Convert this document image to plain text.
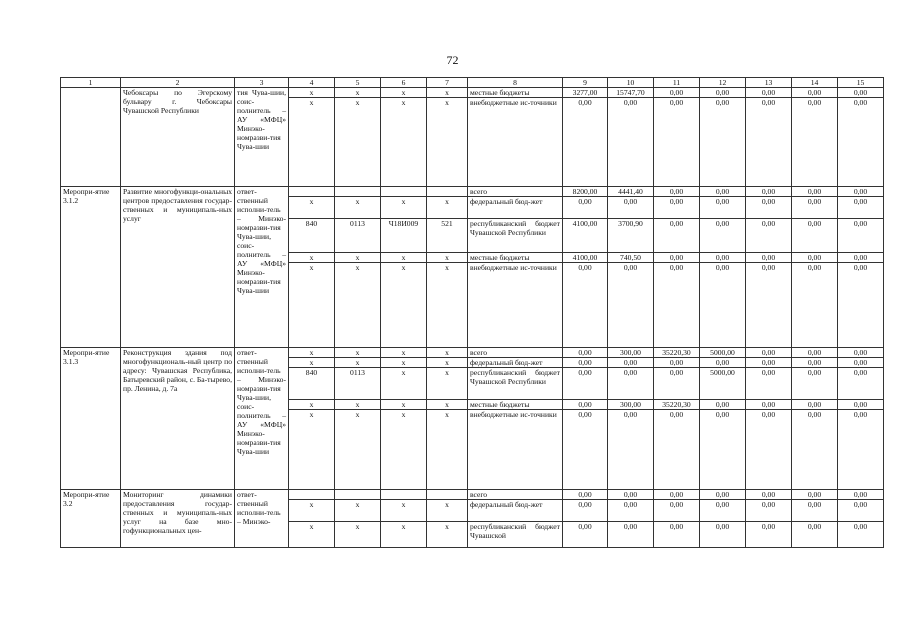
72
1	2	3	4	5	6	7	8	9	10	11	12	13	14	15
	Чебоксары по Эгерскому бульвару г. Чебоксары Чувашской Республики	тия Чува-шии, соис-полнитель – АУ «МФЦ» Минэко-номразви-тия Чува-шии	x	x	x	x	местные бюджеты	3277,00	15747,70	0,00	0,00	0,00	0,00	0,00
			x	x	x	x	внебюджетные ис-точники	0,00	0,00	0,00	0,00	0,00	0,00	0,00
Меропри-ятие 3.1.2	Развитие многофункци-ональных центров предоставления государ-ственных и муниципаль-ных услуг	ответ-ственный исполни-тель – Минэко-номразви-тия Чува-шии, соис-полнитель – АУ «МФЦ» Минэко-номразви-тия Чува-шии					всего	8200,00	4441,40	0,00	0,00	0,00	0,00	0,00
			x	x	x	x	федеральный бюд-жет	0,00	0,00	0,00	0,00	0,00	0,00	0,00
			840	0113	Ч18И009	521	республиканский бюджет Чувашской Республики	4100,00	3700,90	0,00	0,00	0,00	0,00	0,00
			x	x	x	x	местные бюджеты	4100,00	740,50	0,00	0,00	0,00	0,00	0,00
			x	x	x	x	внебюджетные ис-точники	0,00	0,00	0,00	0,00	0,00	0,00	0,00
Меропри-ятие 3.1.3	Реконструкция здания под многофункциональ-ный центр по адресу: Чувашская Республика, Батыревский район, с. Ба-тырево, пр. Ленина, д. 7а	ответ-ственный исполни-тель – Минэко-номразви-тия Чува-шии, соис-полнитель – АУ «МФЦ» Минэко-номразви-тия Чува-шии	x	x	x	x	всего	0,00	300,00	35220,30	5000,00	0,00	0,00	0,00
			x	x	x	x	федеральный бюд-жет	0,00	0,00	0,00	0,00	0,00	0,00	0,00
			840	0113	x	x	республиканский бюджет Чувашской Республики	0,00	0,00	0,00	5000,00	0,00	0,00	0,00
			x	x	x	x	местные бюджеты	0,00	300,00	35220,30	0,00	0,00	0,00	0,00
			x	x	x	x	внебюджетные ис-точники	0,00	0,00	0,00	0,00	0,00	0,00	0,00
Меропри-ятие 3.2	Мониторинг динамики предоставления государ-ственных и муниципаль-ных услуг на базе мно-гофункциональных цен-	ответ-ственный исполни-тель – Минэко-					всего	0,00	0,00	0,00	0,00	0,00	0,00	0,00
			x	x	x	x	федеральный бюд-жет	0,00	0,00	0,00	0,00	0,00	0,00	0,00
			x	x	x	x	республиканский бюджет Чувашской	0,00	0,00	0,00	0,00	0,00	0,00	0,00
